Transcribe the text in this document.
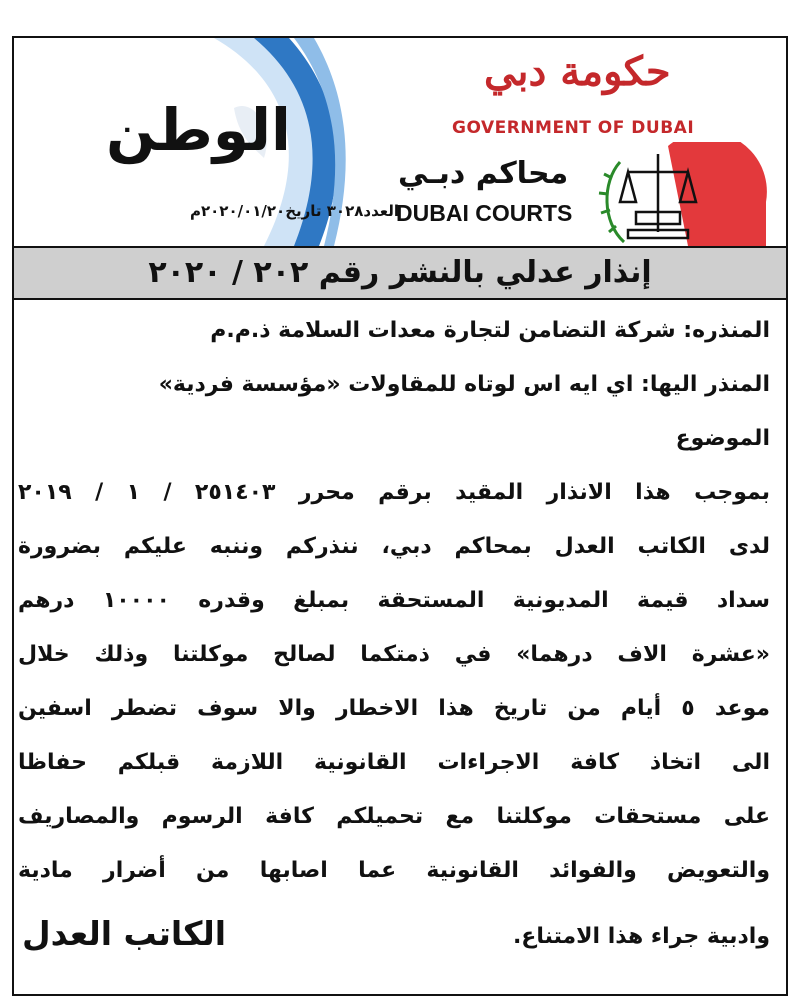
الوطن
العدد٣٠٢٨ تاريخ٢٠٢٠/٠١/٢٠م
حكومة دبي
GOVERNMENT OF DUBAI
محاكم دبـي
DUBAI COURTS
إنذار عدلي بالنشر رقم ٢٠٢ / ٢٠٢٠
المنذره: شركة التضامن لتجارة معدات السلامة ذ.م.م
المنذر اليها: اي ايه اس لوتاه للمقاولات «مؤسسة فردية»
الموضوع
بموجب هذا الانذار المقيد برقم محرر ٢٥١٤٠٣ / ١ / ٢٠١٩
لدى الكاتب العدل بمحاكم دبي، ننذركم وننبه عليكم بضرورة
سداد قيمة المديونية المستحقة بمبلغ وقدره ١٠٠٠٠ درهم
«عشرة الاف درهما» في ذمتكما لصالح موكلتنا وذلك خلال
موعد ٥ أيام من تاريخ هذا الاخطار والا سوف تضطر اسفين
الى اتخاذ كافة الاجراءات القانونية اللازمة قبلكم حفاظا
على مستحقات موكلتنا مع تحميلكم كافة الرسوم والمصاريف
والتعويض والفوائد القانونية عما اصابها من أضرار مادية
وادبية جراء هذا الامتناع.
الكاتب العدل
